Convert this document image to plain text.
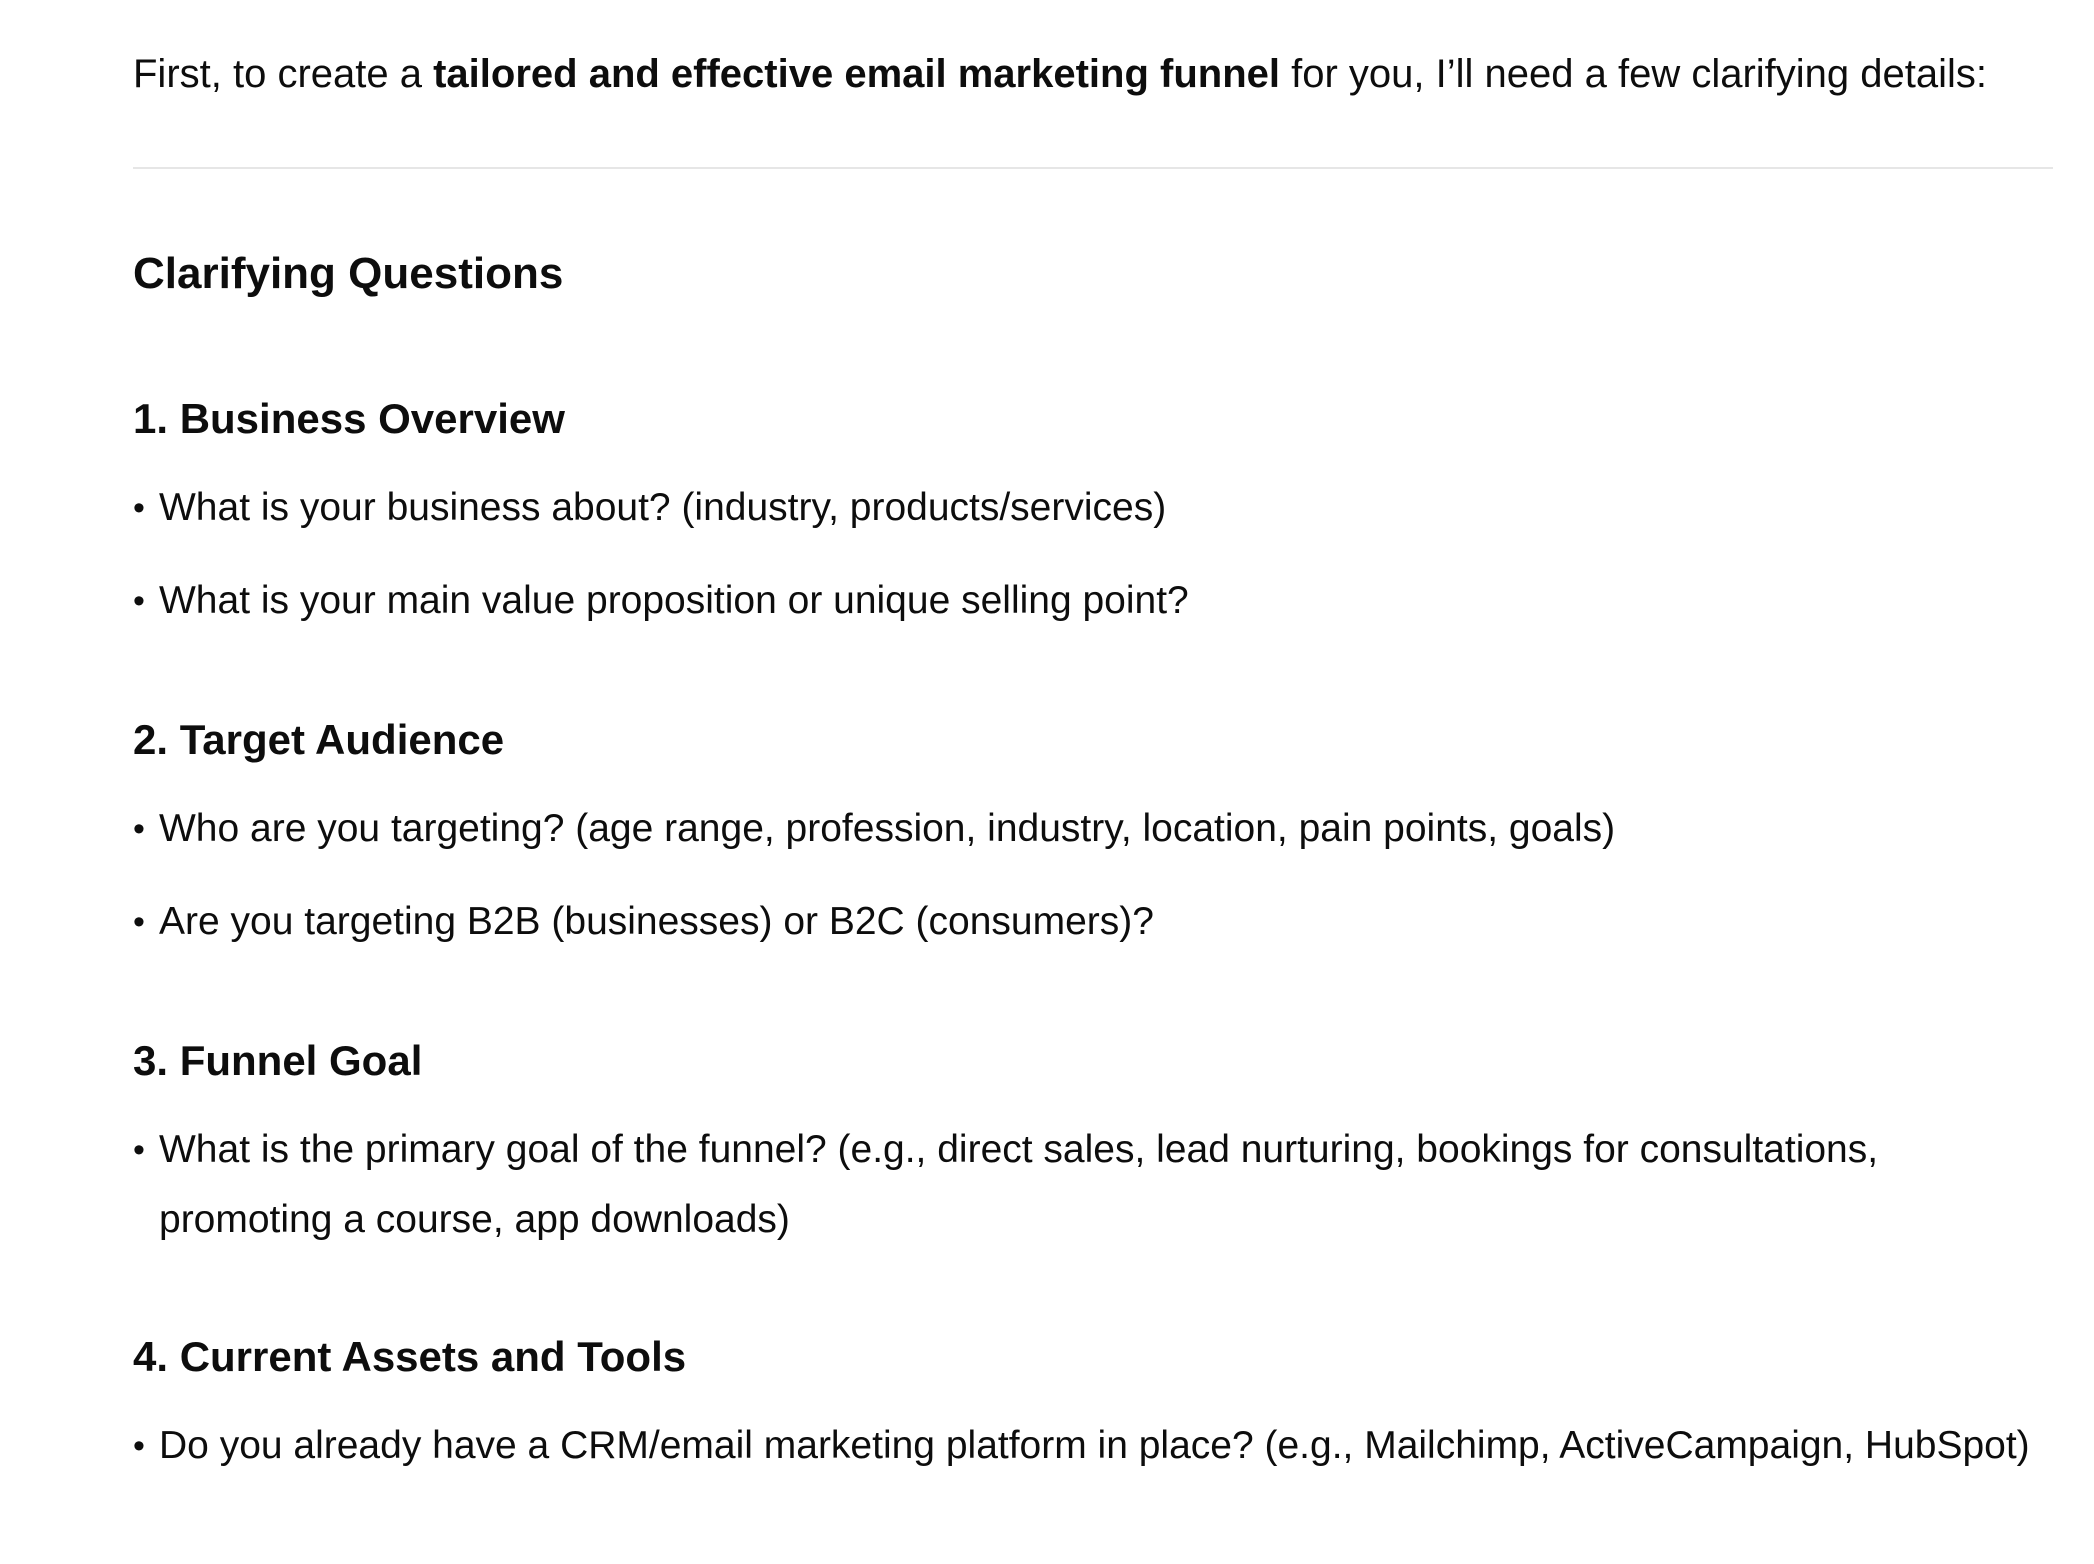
First, to create a tailored and effective email marketing funnel for you, I’ll need a few clarifying details:

Clarifying Questions
1. Business Overview

• What is your business about? (industry, products/services)

• What is your main value proposition or unique selling point?

2. Target Audience

• Who are you targeting? (age range, profession, industry, location, pain points, goals)

• Are you targeting B2B (businesses) or B2C (consumers)?

3. Funnel Goal

• What is the primary goal of the funnel? (e.g., direct sales, lead nurturing, bookings for consultations, promoting a course, app downloads)

4. Current Assets and Tools

• Do you already have a CRM/email marketing platform in place? (e.g., Mailchimp, ActiveCampaign, HubSpot)
